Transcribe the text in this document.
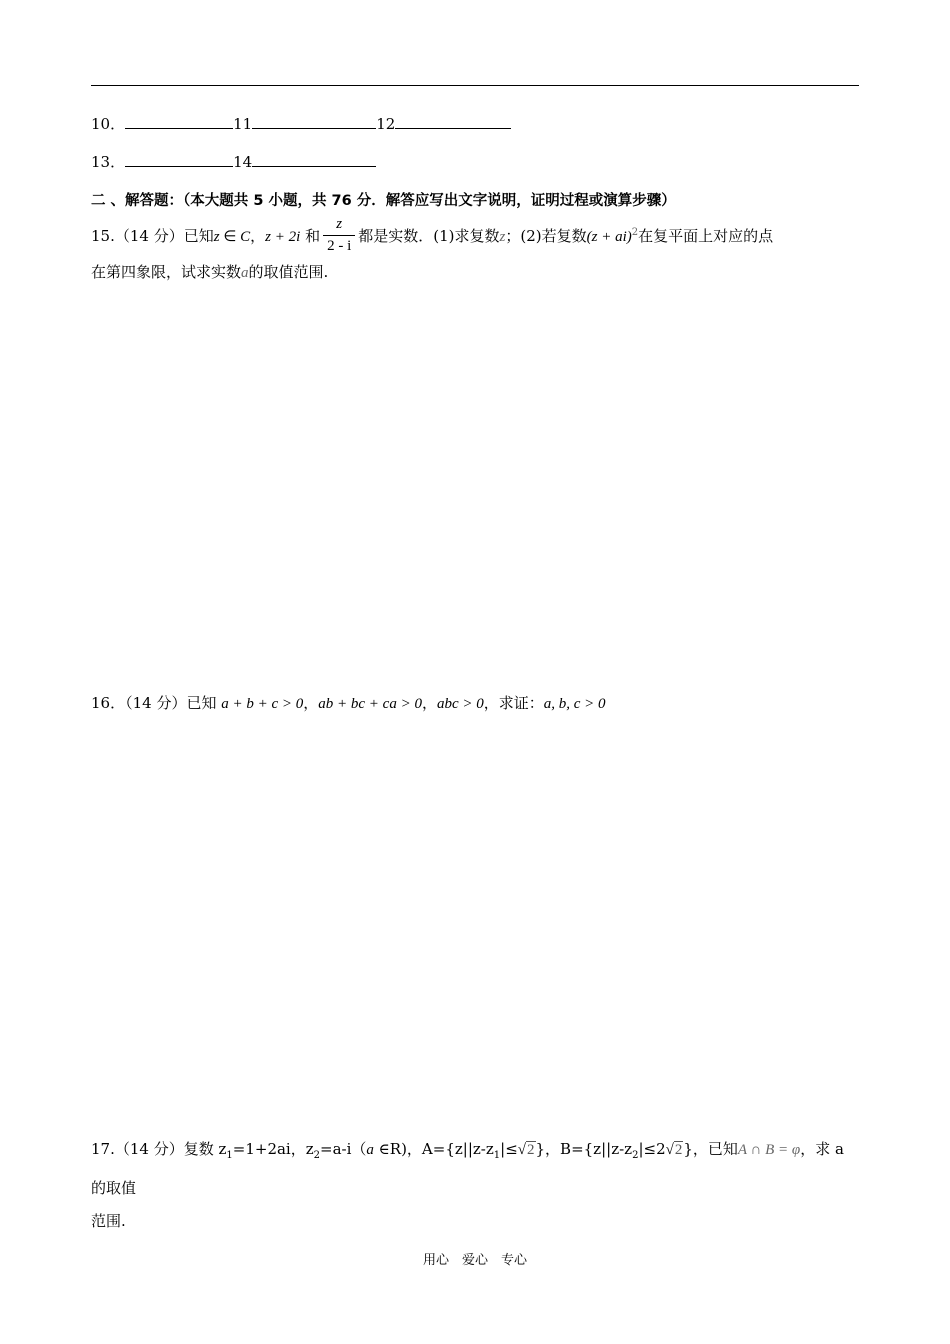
10．	11	12
13．	14
二 、解答题：（本大题共 5 小题，共 76 分．解答应写出文字说明，证明过程或演算步骤）
15.（14 分）已知z ∈ C，z + 2i 和 $\frac{z}{2 - i}$ 都是实数．(1)求复数z；(2)若复数(z + ai)$^2$在复平面上对应的点
在第四象限，试求实数a的取值范围.
16．（14 分）已知 a + b + c > 0，ab + bc + ca > 0，abc > 0，求证：a, b, c > 0
17.（14 分）复数 $z_1=1+2ai$，$z_2=a-i(a$ ∈R)，$A=\{z||z-z_1|\le√2\}$，$B=\{z||z-z_2|\le 2√2\}$，已知A ∩ B = φ，求 a 的取值
范围.
用心　爱心　专心
